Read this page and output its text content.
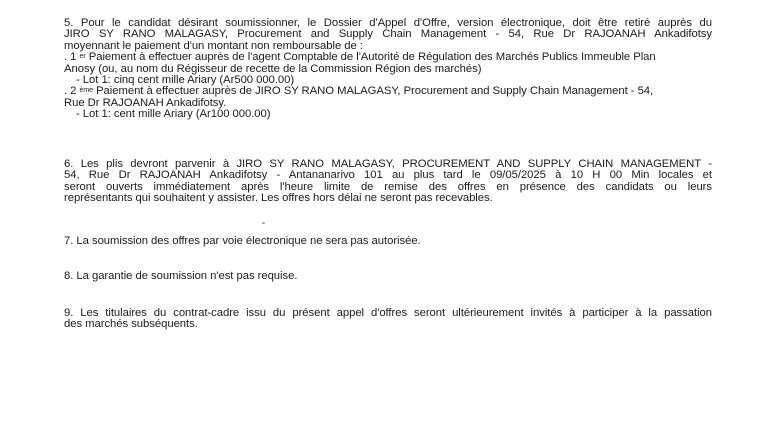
5. Pour le candidat désirant soumissionner, le Dossier d'Appel d'Offre, version électronique, doit être retiré auprès du
JIRO SY RANO MALAGASY, Procurement and Supply Chain Management - 54, Rue Dr RAJOANAH Ankadifotsy
moyennant le paiement d'un montant non remboursable de :
. 1 $^{er}$ Paiement à effectuer auprès de l'agent Comptable de l'Autorité de Régulation des Marchés Publics Immeuble Plan
Anosy (ou, au nom du Régisseur de recette de la Commission Région des marchés)
- Lot 1: cinq cent mille Ariary (Ar500 000.00)
. 2 $^{ème}$ Paiement à effectuer auprès de JIRO SY RANO MALAGASY, Procurement and Supply Chain Management - 54,
Rue Dr RAJOANAH Ankadifotsy.
- Lot 1: cent mille Ariary (Ar100 000.00)
6. Les plis devront parvenir à JIRO SY RANO MALAGASY, PROCUREMENT AND SUPPLY CHAIN MANAGEMENT -
54, Rue Dr RAJOANAH Ankadifotsy - Antananarivo 101 au plus tard le 09/05/2025 à 10 H 00 Min locales et
seront ouverts immédiatement après l'heure limite de remise des offres en présence des candidats ou leurs
représentants qui souhaitent y assister. Les offres hors délai ne seront pas recevables.
7. La soumission des offres par voie électronique ne sera pas autorisée.
8. La garantie de soumission n'est pas requise.
9. Les titulaires du contrat-cadre issu du présent appel d'offres seront ultérieurement invités à participer à la passation
des marchés subséquents.
